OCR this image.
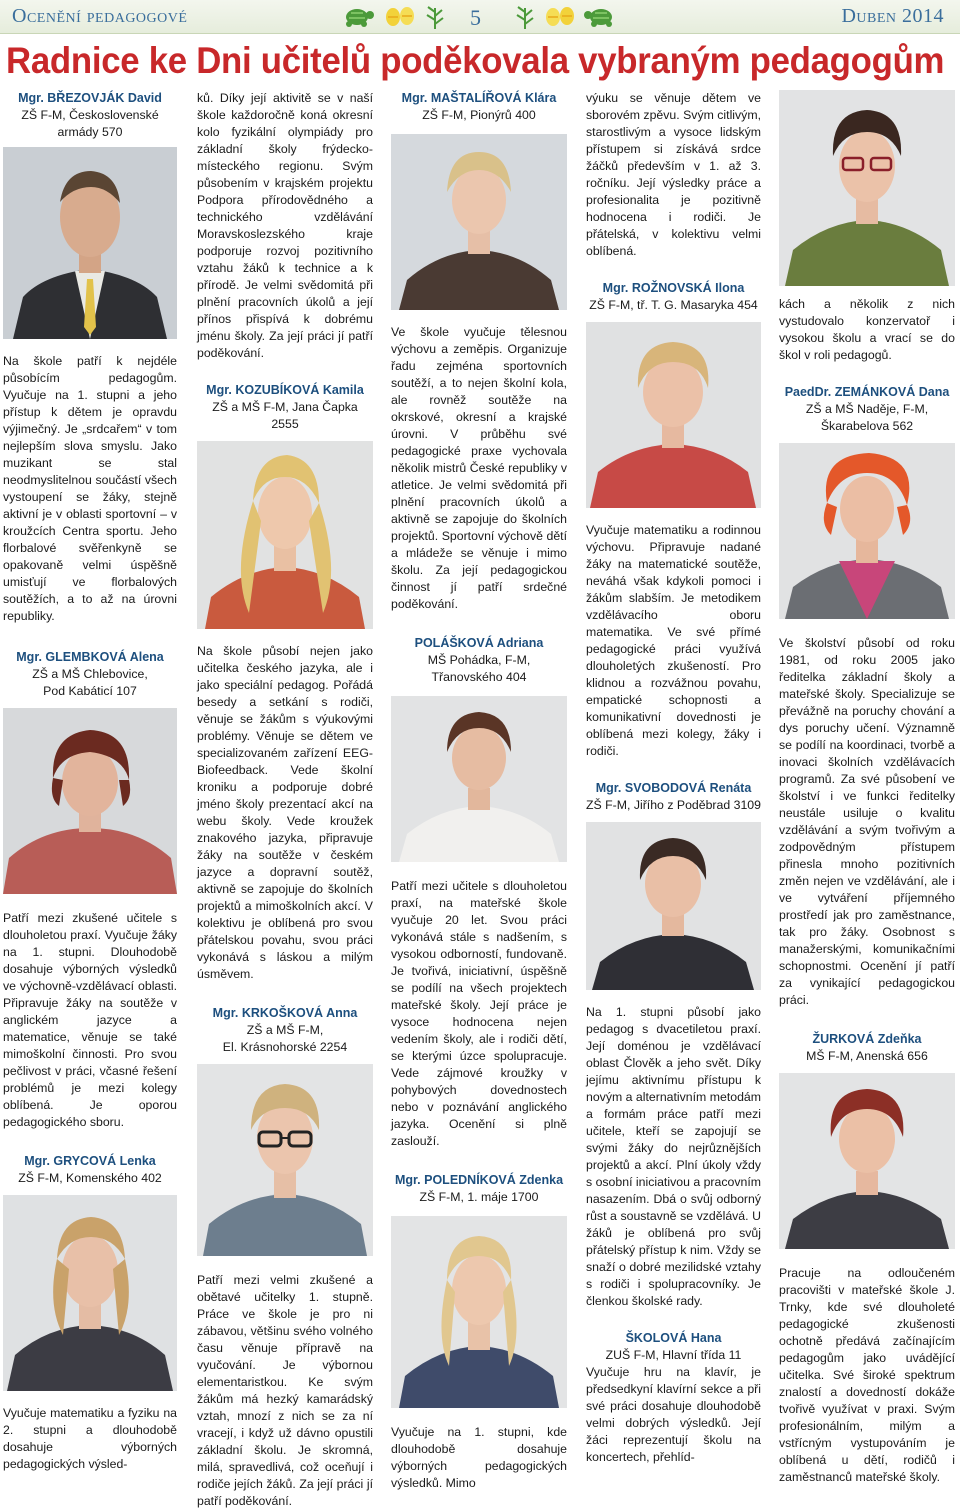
Ocenění pedagogové	5	Duben 2014
Radnice ke Dni učitelů poděkovala vybraným pedagogům
Mgr. BŘEZOVJÁK David
ZŠ F-M, Československé
armády 570

Na škole patří k nejdéle působícím pedagogům. Vyučuje na 1. stupni a jeho přístup k dětem je opravdu výjimečný. Je „srdcařem“ v tom nejlepším slova smyslu. Jako muzikant se stal neodmyslitelnou součástí všech vystoupení se žáky, stejně aktivní je v oblasti sportovní – v kroužcích Centra sportu. Jeho florbalové svěřenkyně se opakovaně velmi úspěšně umisťují ve florbalových soutěžích, a to až na úrovni republiky.

Mgr. GLEMBKOVÁ Alena
ZŠ a MŠ Chlebovice,
Pod Kabáticí 107

Patří mezi zkušené učitele s dlouholetou praxí. Vyučuje žáky na 1. stupni. Dlouhodobě dosahuje výborných výsledků ve výchovně-vzdělávací oblasti. Připravuje žáky na soutěže v anglickém jazyce a matematice, věnuje se také mimoškolní činnosti. Pro svou pečlivost v práci, včasné řešení problémů je mezi kolegy oblíbená. Je oporou pedagogického sboru.

Mgr. GRYCOVÁ Lenka
ZŠ F-M, Komenského 402

Vyučuje matematiku a fyziku na 2. stupni a dlouhodobě dosahuje výborných pedagogických výsled-

ků. Díky její aktivitě se v naší škole každoročně koná okresní kolo fyzikální olympiády pro základní školy frýdecko-místeckého regionu. Svým působením v krajském projektu Podpora přírodovědného a technického vzdělávání Moravskoslezského kraje podporuje rozvoj pozitivního vztahu žáků k technice a k přírodě. Je velmi svědomitá při plnění pracovních úkolů a její přínos přispívá k dobrému jménu školy. Za její práci jí patří poděkování.

Mgr. KOZUBÍKOVÁ Kamila
ZŠ a MŠ F-M, Jana Čapka 2555

Na škole působí nejen jako učitelka českého jazyka, ale i jako speciální pedagog. Pořádá besedy a setkání s rodiči, věnuje se žákům s výukovými problémy. Věnuje se dětem ve specializovaném zařízení EEG-Biofeedback. Vede školní kroniku a podporuje dobré jméno školy prezentací akcí na webu školy. Vede kroužek znakového jazyka, připravuje žáky na soutěže v českém jazyce a dopravní soutěž, aktivně se zapojuje do školních projektů a mimoškolních akcí. V kolektivu je oblíbená pro svou přátelskou povahu, svou práci vykonává s láskou a milým úsměvem.

Mgr. KRKOŠKOVÁ Anna
ZŠ a MŠ F-M,
El. Krásnohorské 2254

Patří mezi velmi zkušené a obětavé učitelky 1. stupně. Práce ve škole je pro ni zábavou, většinu svého volného času věnuje přípravě na vyučování. Je výbornou elementaristkou. Ke svým žákům má hezký kamarádský vztah, mnozí z nich se za ní vracejí, i když už dávno opustili základní školu. Je skromná, milá, spravedlivá, což oceňují i rodiče jejích žáků. Za její práci jí patří poděkování.

Mgr. MAŠTALÍŘOVÁ Klára
ZŠ F-M, Pionýrů 400

Ve škole vyučuje tělesnou výchovu a zeměpis. Organizuje řadu zejména sportovních soutěží, a to nejen školní kola, ale rovněž soutěže na okrskové, okresní a krajské úrovni. V průběhu své pedagogické praxe vychovala několik mistrů České republiky v atletice. Je velmi svědomitá při plnění pracovních úkolů a aktivně se zapojuje do školních projektů. Sportovní výchově dětí a mládeže se věnuje i mimo školu. Za její pedagogickou činnost jí patří srdečné poděkování.

POLÁŠKOVÁ Adriana
MŠ Pohádka, F-M,
Třanovského 404

Patří mezi učitele s dlouholetou praxí, na mateřské škole vyučuje 20 let. Svou práci vykonává stále s nadšením, s vysokou odborností, fundovaně. Je tvořivá, iniciativní, úspěšně se podílí na všech projektech mateřské školy. Její práce je vysoce hodnocena nejen vedením školy, ale i rodiči dětí, se kterými úzce spolupracuje. Vede zájmové kroužky v pohybových dovednostech nebo v poznávání anglického jazyka. Ocenění si plně zaslouží.

Mgr. POLEDNÍKOVÁ Zdenka
ZŠ F-M, 1. máje 1700

Vyučuje na 1. stupni, kde dlouhodobě dosahuje výborných pedagogických výsledků. Mimo

výuku se věnuje dětem ve sborovém zpěvu. Svým citlivým, starostlivým a vysoce lidským přístupem si získává srdce žáčků především v 1. až 3. ročníku. Její výsledky práce a profesionalita je pozitivně hodnocena i rodiči. Je přátelská, v kolektivu velmi oblíbená.

Mgr. ROŽNOVSKÁ Ilona
ZŠ F-M, tř. T. G. Masaryka 454

Vyučuje matematiku a rodinnou výchovu. Připravuje nadané žáky na matematické soutěže, neváhá však kdykoli pomoci i žákům slabším. Je metodikem vzdělávacího oboru matematika. Ve své přímé pedagogické práci využívá dlouholetých zkušeností. Pro klidnou a rozvážnou povahu, empatické schopnosti a komunikativní dovednosti je oblíbená mezi kolegy, žáky i rodiči.

Mgr. SVOBODOVÁ Renáta
ZŠ F-M, Jiřího z Poděbrad 3109

Na 1. stupni působí jako pedagog s dvacetiletou praxí. Její doménou je vzdělávací oblast Člověk a jeho svět. Díky jejímu aktivnímu přístupu k novým a alternativním metodám a formám práce patří mezi učitele, kteří se zapojují se svými žáky do nejrůznějších projektů a akcí. Plní úkoly vždy s osobní iniciativou a pracovním nasazením. Dbá o svůj odborný růst a soustavně se vzdělává. U žáků je oblíbená pro svůj přátelský přístup k nim. Vždy se snaží o dobré mezilidské vztahy s rodiči i spolupracovníky. Je členkou školské rady.

ŠKOLOVÁ Hana
ZUŠ F-M, Hlavní třída 11

Vyučuje hru na klavír, je předsedkyní klavírní sekce a při své práci dosahuje dlouhodobě velmi dobrých výsledků. Její žáci reprezentují školu na koncertech, přehlíd-

kách a několik z nich vystudovalo konzervatoř i vysokou školu a vrací se do škol v roli pedagogů.

PaedDr. ZEMÁNKOVÁ Dana
ZŠ a MŠ Naděje, F-M,
Škarabelova 562

Ve školství působí od roku 1981, od roku 2005 jako ředitelka základní školy a mateřské školy. Specializuje se převážně na poruchy chování a dys poruchy učení. Významně se podílí na koordinaci, tvorbě a inovaci školních vzdělávacích programů. Za své působení ve školství i ve funkci ředitelky neustále usiluje o kvalitu vzdělávání a svým tvořivým a zodpovědným přístupem přinesla mnoho pozitivních změn nejen ve vzdělávání, ale i ve vytváření příjemného prostředí jak pro zaměstnance, tak pro žáky. Osobnost s manažerskými, komunikačními schopnostmi. Ocenění jí patří za vynikající pedagogickou práci.

ŽURKOVÁ Zdeňka
MŠ F-M, Anenská 656

Pracuje na odloučeném pracovišti v mateřské škole J. Trnky, kde své dlouholeté pedagogické zkušenosti ochotně předává začínajícím pedagogům jako uvádějící učitelka. Své široké spektrum znalostí a dovedností dokáže tvořivě využívat v praxi. Svým profesionálním, milým a vstřícným vystupováním je oblíbená u dětí, rodičů i zaměstnanců mateřské školy.
